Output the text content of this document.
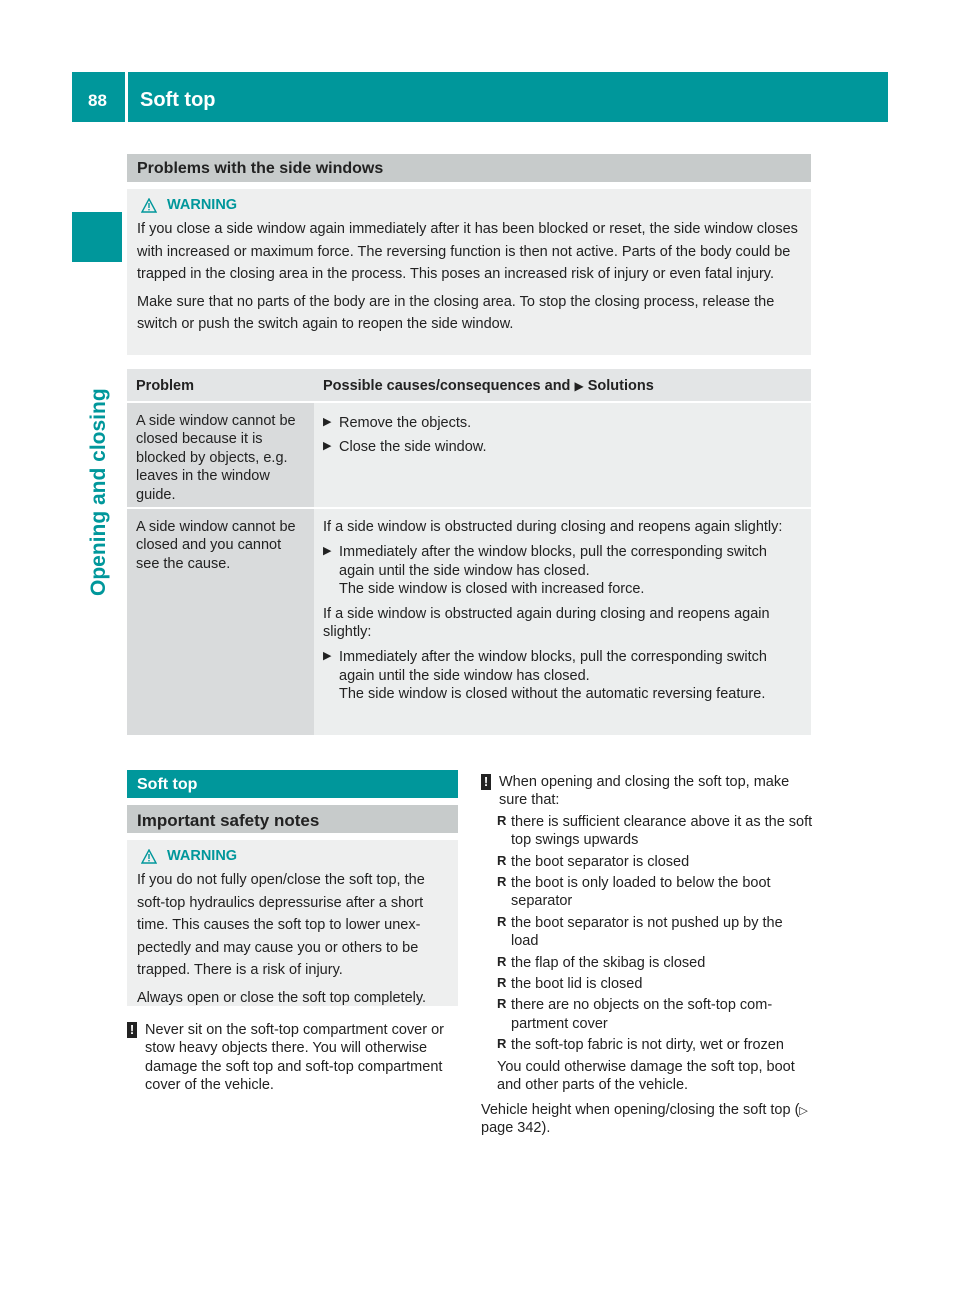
88 Soft top
Opening and closing
Problems with the side windows
WARNING

If you close a side window again immediately after it has been blocked or reset, the side window closes with increased or maximum force. The reversing function is then not active. Parts of the body could be trapped in the closing area in the process. This poses an increased risk of injury or even fatal injury.

Make sure that no parts of the body are in the closing area. To stop the closing process, release the switch or push the switch again to reopen the side window.

Problem	Possible causes/consequences and ▶ Solutions
A side window cannot be closed because it is blocked by objects, e.g. leaves in the window guide.
▶ Remove the objects.
▶ Close the side window.
A side window cannot be closed and you cannot see the cause.
If a side window is obstructed during closing and reopens again slightly:
▶ Immediately after the window blocks, pull the corresponding switch again until the side window has closed.
The side window is closed with increased force.
If a side window is obstructed again during closing and reopens again slightly:
▶ Immediately after the window blocks, pull the corresponding switch again until the side window has closed.
The side window is closed without the automatic reversing feature.
Soft top
Important safety notes
WARNING

If you do not fully open/close the soft top, the soft-top hydraulics depressurise after a short time. This causes the soft top to lower unex- pectedly and may cause you or others to be trapped. There is a risk of injury.

Always open or close the soft top completely.

! Never sit on the soft-top compartment cover or stow heavy objects there. You will otherwise damage the soft top and soft-top compartment cover of the vehicle.
! When opening and closing the soft top, make sure that:
R there is sufficient clearance above it as the soft top swings upwards
R the boot separator is closed
R the boot is only loaded to below the boot separator
R the boot separator is not pushed up by the load
R the flap of the skibag is closed
R the boot lid is closed
R there are no objects on the soft-top com- partment cover
R the soft-top fabric is not dirty, wet or frozen
You could otherwise damage the soft top, boot and other parts of the vehicle.
Vehicle height when opening/closing the soft top (▷ page 342).
